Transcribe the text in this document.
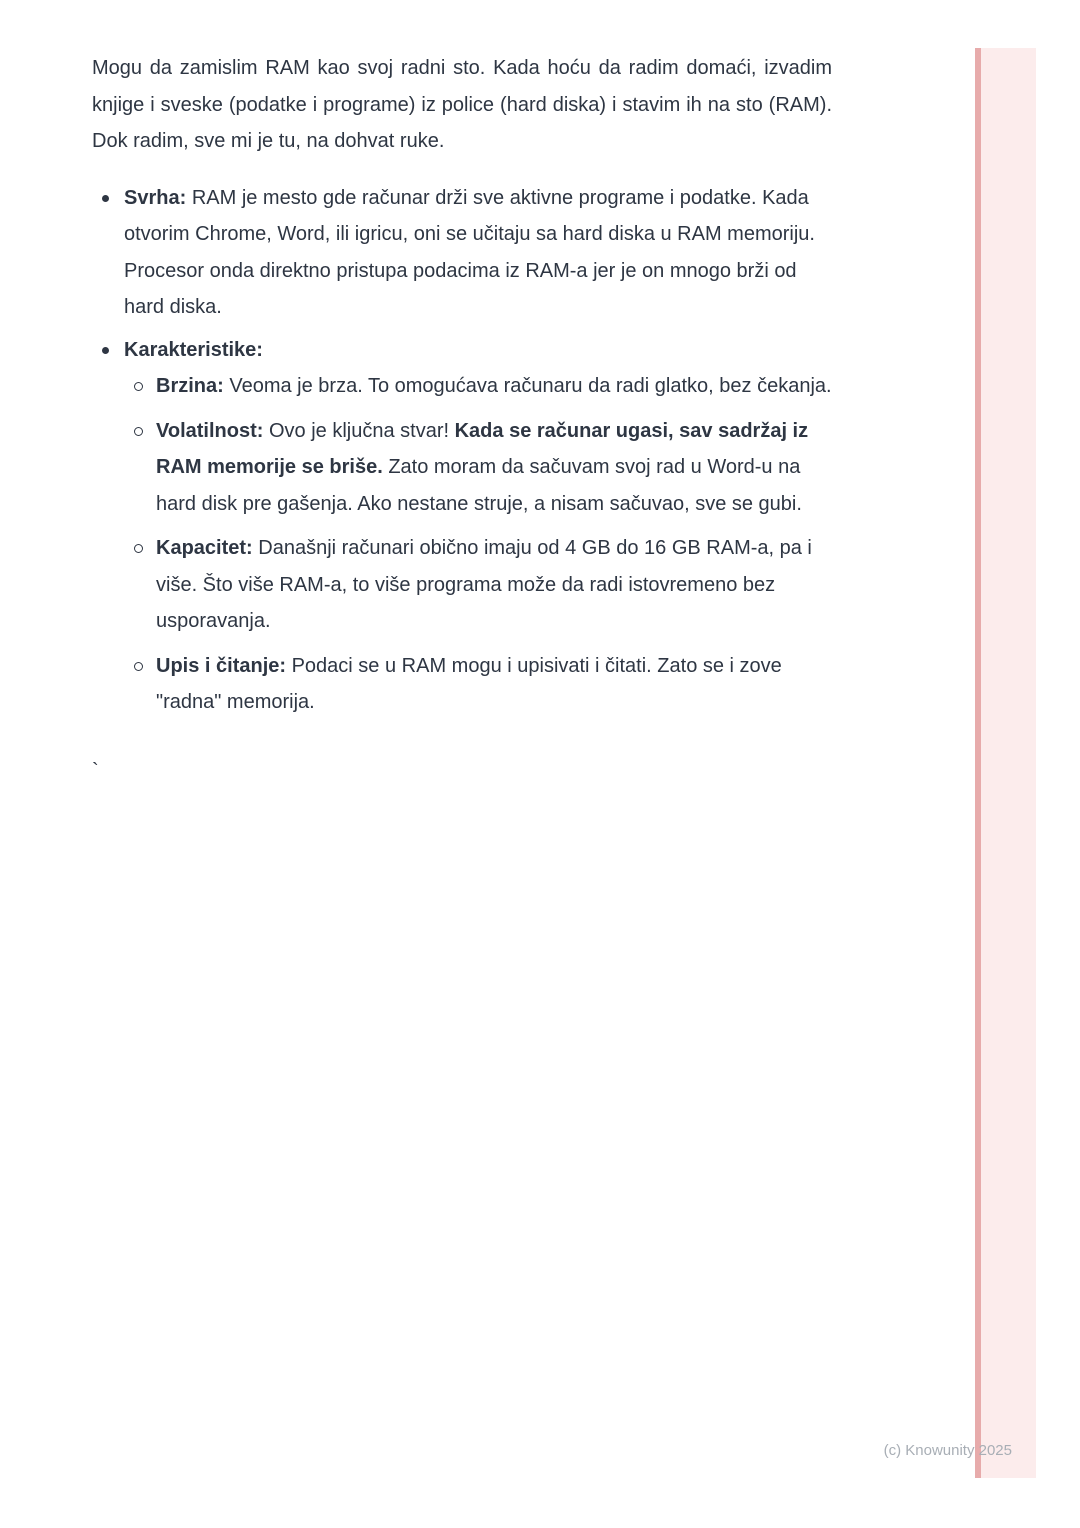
Mogu da zamislim RAM kao svoj radni sto. Kada hoću da radim domaći, izvadim knjige i sveske (podatke i programe) iz police (hard diska) i stavim ih na sto (RAM). Dok radim, sve mi je tu, na dohvat ruke.

Svrha: RAM je mesto gde računar drži sve aktivne programe i podatke. Kada otvorim Chrome, Word, ili igricu, oni se učitaju sa hard diska u RAM memoriju. Procesor onda direktno pristupa podacima iz RAM-a jer je on mnogo brži od hard diska.
Karakteristike:
Brzina: Veoma je brza. To omogućava računaru da radi glatko, bez čekanja.
Volatilnost: Ovo je ključna stvar! Kada se računar ugasi, sav sadržaj iz RAM memorije se briše. Zato moram da sačuvam svoj rad u Word-u na hard disk pre gašenja. Ako nestane struje, a nisam sačuvao, sve se gubi.
Kapacitet: Današnji računari obično imaju od 4 GB do 16 GB RAM-a, pa i više. Što više RAM-a, to više programa može da radi istovremeno bez usporavanja.
Upis i čitanje: Podaci se u RAM mogu i upisivati i čitati. Zato se i zove "radna" memorija.
`
(c) Knowunity 2025
